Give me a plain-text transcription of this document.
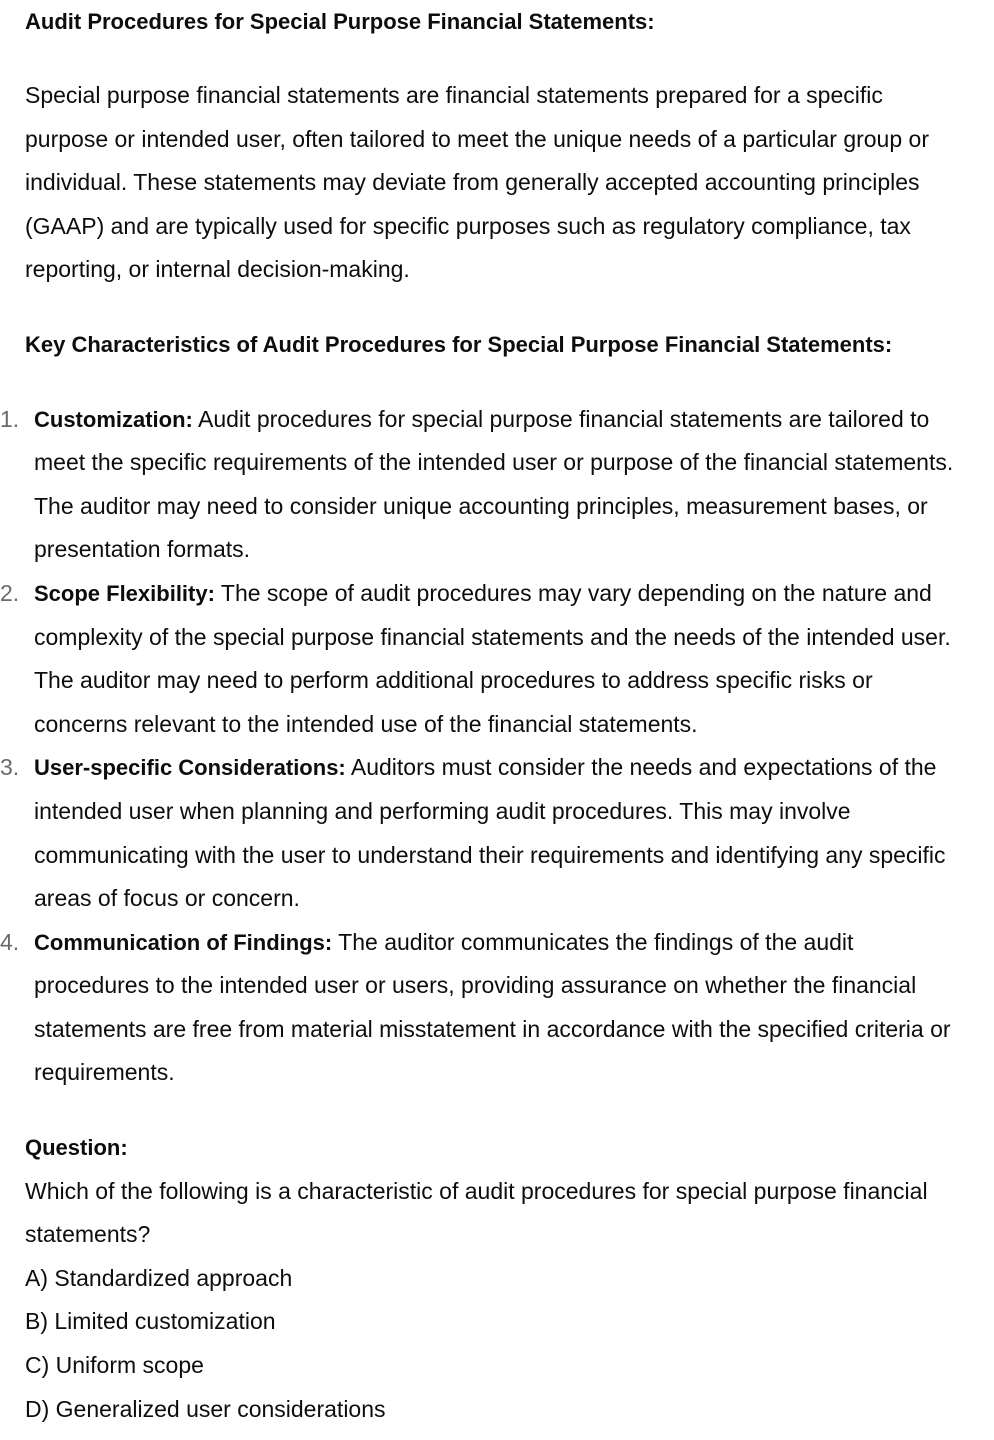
Audit Procedures for Special Purpose Financial Statements:

Special purpose financial statements are financial statements prepared for a specific purpose or intended user, often tailored to meet the unique needs of a particular group or individual. These statements may deviate from generally accepted accounting principles (GAAP) and are typically used for specific purposes such as regulatory compliance, tax reporting, or internal decision-making.

Key Characteristics of Audit Procedures for Special Purpose Financial Statements:
1. Customization: Audit procedures for special purpose financial statements are tailored to meet the specific requirements of the intended user or purpose of the financial statements. The auditor may need to consider unique accounting principles, measurement bases, or presentation formats.
2. Scope Flexibility: The scope of audit procedures may vary depending on the nature and complexity of the special purpose financial statements and the needs of the intended user. The auditor may need to perform additional procedures to address specific risks or concerns relevant to the intended use of the financial statements.
3. User-specific Considerations: Auditors must consider the needs and expectations of the intended user when planning and performing audit procedures. This may involve communicating with the user to understand their requirements and identifying any specific areas of focus or concern.
4. Communication of Findings: The auditor communicates the findings of the audit procedures to the intended user or users, providing assurance on whether the financial statements are free from material misstatement in accordance with the specified criteria or requirements.
Question:

Which of the following is a characteristic of audit procedures for special purpose financial statements?

A) Standardized approach
B) Limited customization
C) Uniform scope
D) Generalized user considerations
